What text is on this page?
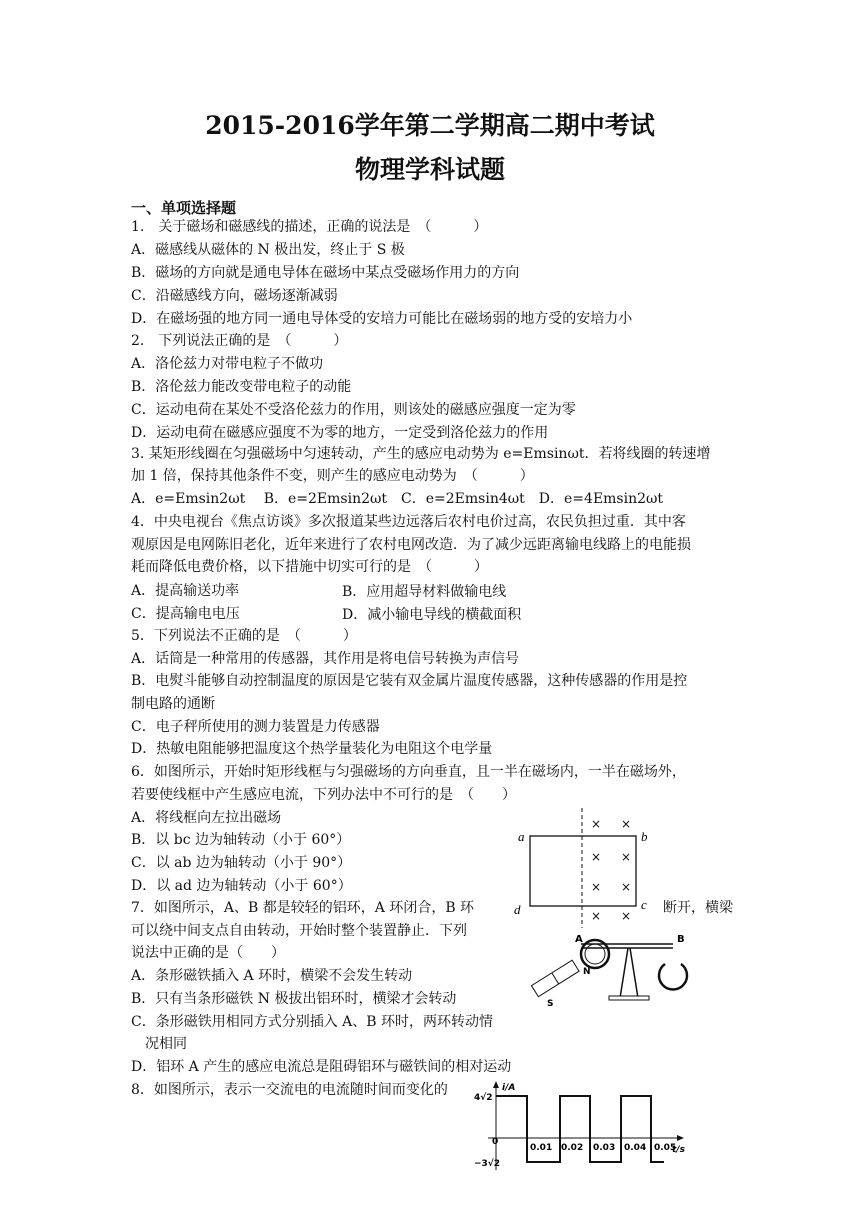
2015-2016学年第二学期高二期中考试
物理学科试题
一、单项选择题
1.　关于磁场和磁感线的描述，正确的说法是　（　　　）
A．磁感线从磁体的 N 极出发，终止于 S 极
B．磁场的方向就是通电导体在磁场中某点受磁场作用力的方向
C．沿磁感线方向，磁场逐渐减弱
D．在磁场强的地方同一通电导体受的安培力可能比在磁场弱的地方受的安培力小
2.　下列说法正确的是　（　　　）
A．洛伦兹力对带电粒子不做功
B．洛伦兹力能改变带电粒子的动能
C．运动电荷在某处不受洛伦兹力的作用，则该处的磁感应强度一定为零
D．运动电荷在磁感应强度不为零的地方，一定受到洛伦兹力的作用
3. 某矩形线圈在匀强磁场中匀速转动，产生的感应电动势为 e=Emsinωt．若将线圈的转速增
加 1 倍，保持其他条件不变，则产生的感应电动势为　（　　　）
A．e=Emsin2ωt　 B．e=2Emsin2ωt　C．e=2Emsin4ωt　D．e=4Emsin2ωt
4．中央电视台《焦点访谈》多次报道某些边远落后农村电价过高，农民负担过重．其中客
观原因是电网陈旧老化，近年来进行了农村电网改造．为了减少远距离输电线路上的电能损
耗而降低电费价格，以下措施中切实可行的是　（　　　）
A．提高输送功率	B．应用超导材料做输电线
C．提高输电电压	D．减小输电导线的横截面积
5．下列说法不正确的是　（　　　）
A．话筒是一种常用的传感器，其作用是将电信号转换为声信号
B．电熨斗能够自动控制温度的原因是它装有双金属片温度传感器，这种传感器的作用是控
制电路的通断
C．电子秤所使用的测力装置是力传感器
D．热敏电阻能够把温度这个热学量装化为电阻这个电学量
6．如图所示，开始时矩形线框与匀强磁场的方向垂直，且一半在磁场内，一半在磁场外，
若要使线框中产生感应电流，下列办法中不可行的是　（　　）
A．将线框向左拉出磁场
B．以 bc 边为轴转动（小于 60°）
C．以 ab 边为轴转动（小于 90°）
D．以 ad 边为轴转动（小于 60°）
a	b
c
d
× ×
× ×
× ×
× ×
7．如图所示，A、B 都是较轻的铝环，A 环闭合，B 环	断开，横梁
可以绕中间支点自由转动，开始时整个装置静止．下列
说法中正确的是（　　）
A．条形磁铁插入 A 环时，横梁不会发生转动
B．只有当条形磁铁 N 极拔出铝环时，横梁才会转动
C．条形磁铁用相同方式分别插入 A、B 环时，两环转动情
况相同
D．铝环 A 产生的感应电流总是阻碍铝环与磁铁间的相对运动
A	B
N
S
8．如图所示，表示一交流电的电流随时间而变化的	i/A
t/s
4√2
−3√2
0
0.01 0.02 0.03 0.04 0.05
